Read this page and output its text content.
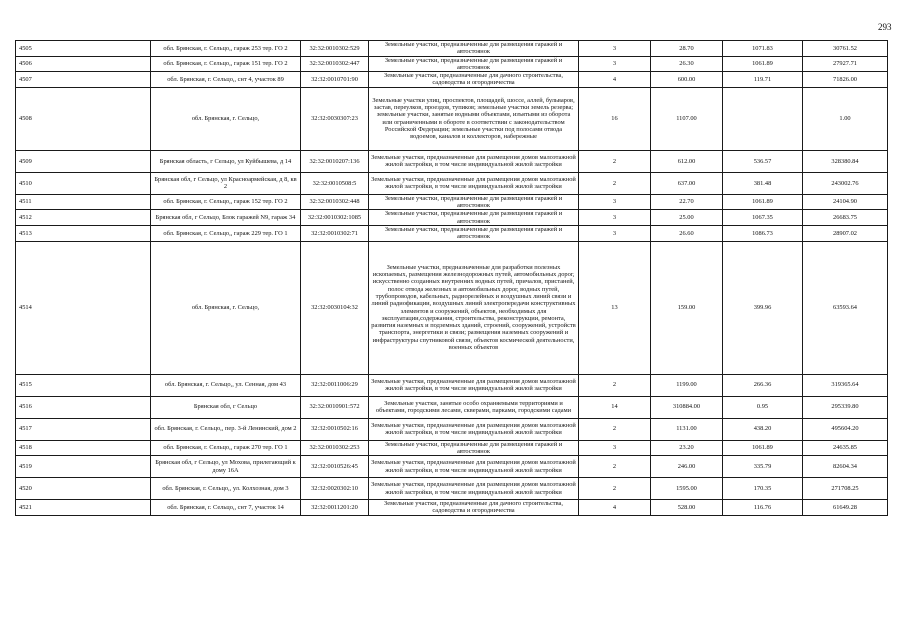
293
4505	обл. Брянская, г. Сельцо,, гараж 253 тер. ГО 2	32:32:0010302:529	Земельные участки, предназначенные для размещения гаражей и автостоянок	3	28.70	1071.83	30761.52
4506	обл. Брянская, г. Сельцо,, гараж 151 тер. ГО 2	32:32:0010302:447	Земельные участки, предназначенные для размещения гаражей и автостоянок	3	26.30	1061.89	27927.71
4507	обл. Брянская, г. Сельцо,, снт 4, участок 89	32:32:0010701:90	Земельные участки, предназначенные для дачного строительства, садоводства и огородничества	4	600.00	119.71	71826.00
4508	обл. Брянская, г. Сельцо,	32:32:0030307:23	Земельные участки улиц, проспектов, площадей, шоссе, аллей, бульваров, застав, переулков, проездов, тупиков; земельные участки земель резерва; земельные участки, занятые водными объектами, изъятыми из оборота или ограниченными в обороте в соответствии с законодательством Российской Федерации; земельные участки под полосами отвода водоемов, каналов и коллекторов, набережные	16	1107.00		1.00
4509	Брянская область, г Сельцо, ул Куйбышева, д 14	32:32:0010207:136	Земельные участки, предназначенные для размещения домов малоэтажной жилой застройки, в том числе индивидуальной жилой застройки	2	612.00	536.57	328380.84
4510	Брянская обл, г Сельцо, ул Красноармейская, д 8, кв 2	32:32:0010508:5	Земельные участки, предназначенные для размещения домов малоэтажной жилой застройки, в том числе индивидуальной жилой застройки	2	637.00	381.48	243002.76
4511	обл. Брянская, г. Сельцо,, гараж 152 тер. ГО 2	32:32:0010302:448	Земельные участки, предназначенные для размещения гаражей и автостоянок	3	22.70	1061.89	24104.90
4512	Брянская обл, г Сельцо, Блок гаражей N9, гараж 34	32:32:0010302:1085	Земельные участки, предназначенные для размещения гаражей и автостоянок	3	25.00	1067.35	26683.75
4513	обл. Брянская, г. Сельцо,, гараж 229 тер. ГО 1	32:32:0010302:71	Земельные участки, предназначенные для размещения гаражей и автостоянок	3	26.60	1086.73	28907.02
4514	обл. Брянская, г. Сельцо,	32:32:0030104:32	Земельные участки, предназначенные для разработки полезных ископаемых, размещения железнодорожных путей, автомобильных дорог, искусственно созданных внутренних водных путей, причалов, пристаней, полос отвода железных и автомобильных дорог, водных путей, трубопроводов, кабельных, радиорелейных и воздушных линий связи и линий радиофикации, воздушных линий электропередачи конструктивных элементов и сооружений, объектов, необходимых для эксплуатации,содержания, строительства, реконструкции, ремонта, развития наземных и подземных зданий, строений, сооружений, устройств транспорта, энергетики и связи; размещения наземных сооружений и инфраструктуры спутниковой связи, объектов космической деятельности, военных объектов	13	159.00	399.96	63593.64
4515	обл. Брянская, г. Сельцо,, ул. Сенная, дом 43	32:32:0011006:29	Земельные участки, предназначенные для размещения домов малоэтажной жилой застройки, в том числе индивидуальной жилой застройки	2	1199.00	266.36	319365.64
4516	Брянская обл, г Сельцо	32:32:0010901:572	Земельные участки, занятые особо охраняемыми территориями и объектами, городскими лесами, скверами, парками, городскими садами	14	310884.00	0.95	295339.80
4517	обл. Брянская, г. Сельцо,, пер. 3-й Ленинский, дом 2	32:32:0010502:16	Земельные участки, предназначенные для размещения домов малоэтажной жилой застройки, в том числе индивидуальной жилой застройки	2	1131.00	438.20	495604.20
4518	обл. Брянская, г. Сельцо,, гараж 270 тер. ГО 1	32:32:0010302:253	Земельные участки, предназначенные для размещения гаражей и автостоянок	3	23.20	1061.89	24635.85
4519	Брянская обл, г Сельцо, ул Мохова, прилегающий к дому 16А	32:32:0010526:45	Земельные участки, предназначенные для размещения домов малоэтажной жилой застройки, в том числе индивидуальной жилой застройки	2	246.00	335.79	82604.34
4520	обл. Брянская, г. Сельцо,, ул. Колхозная, дом 3	32:32:0020302:10	Земельные участки, предназначенные для размещения домов малоэтажной жилой застройки, в том числе индивидуальной жилой застройки	2	1595.00	170.35	271708.25
4521	обл. Брянская, г. Сельцо,, снт 7, участок 14	32:32:0011201:20	Земельные участки, предназначенные для дачного строительства, садоводства и огородничества	4	528.00	116.76	61649.28
